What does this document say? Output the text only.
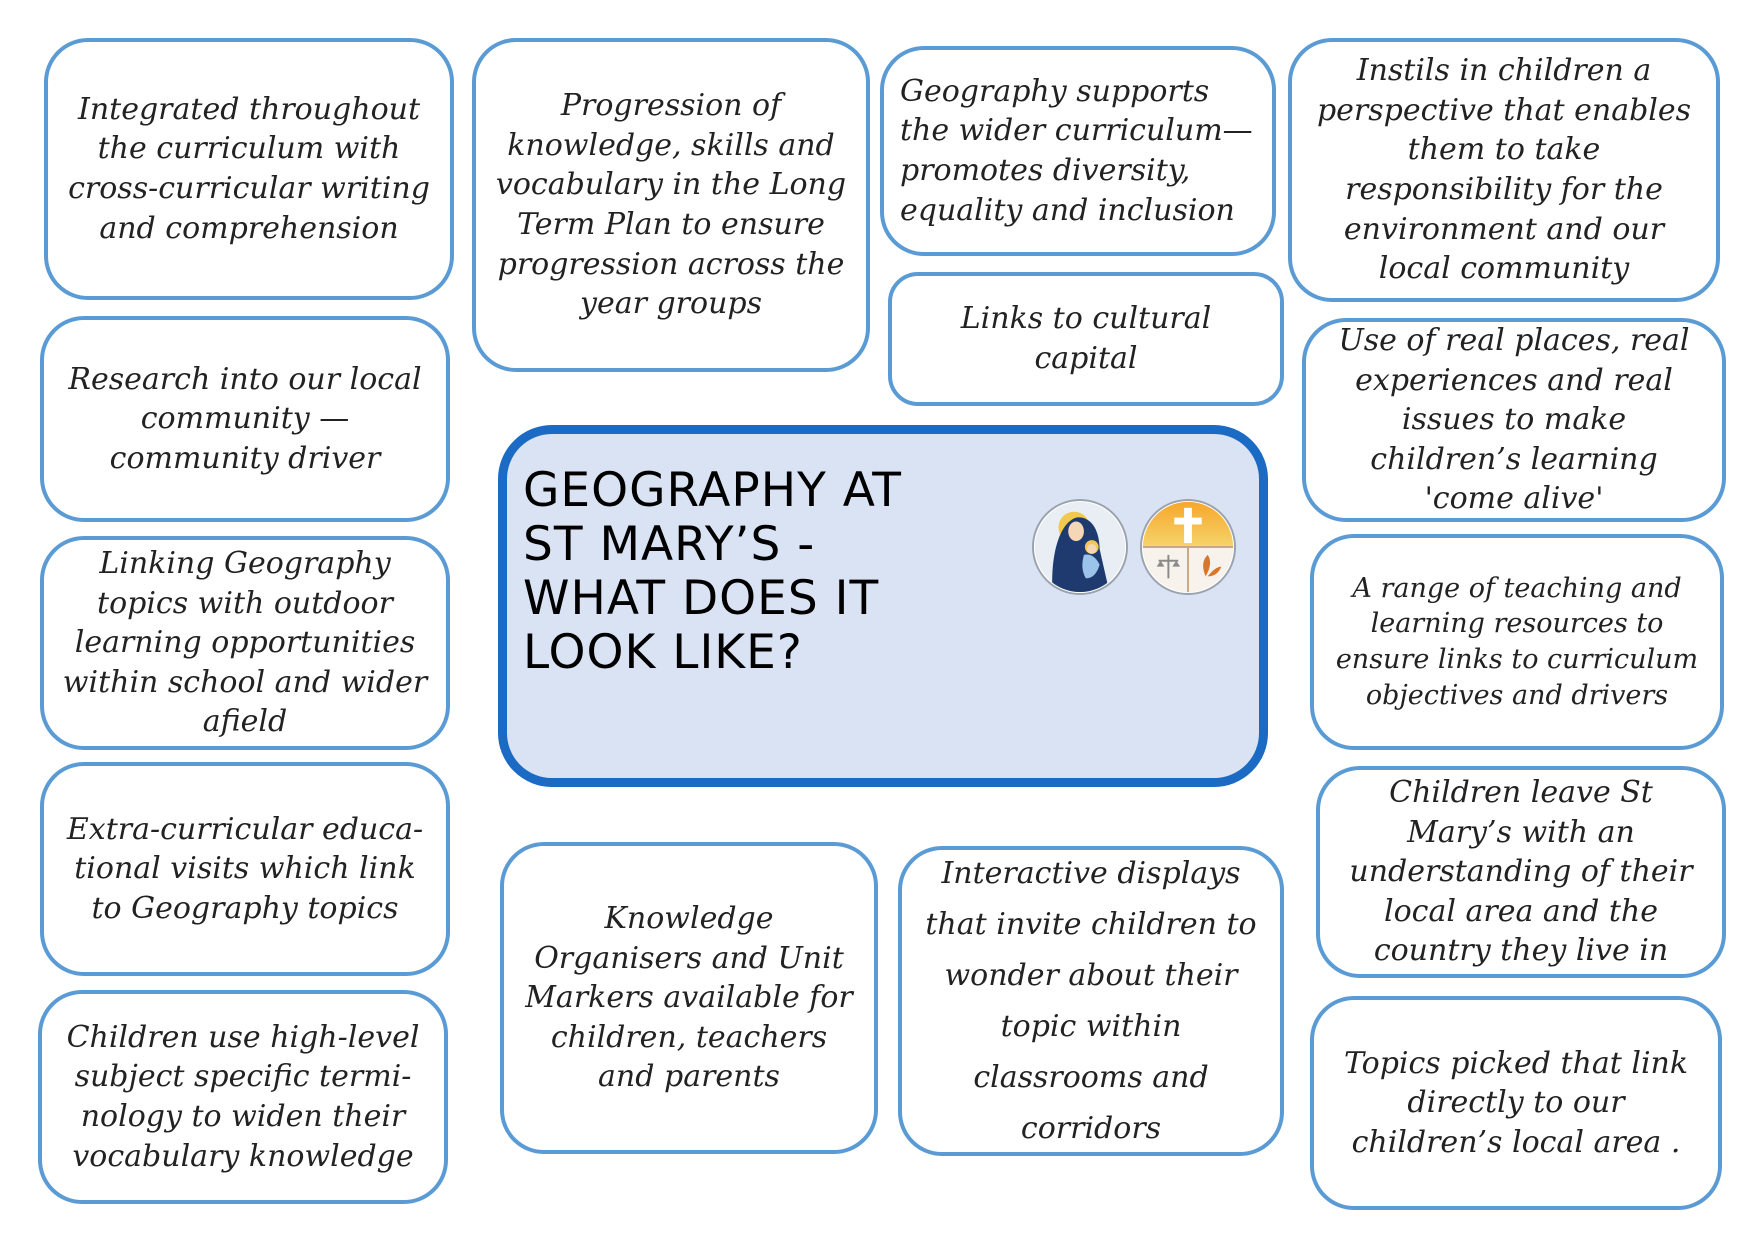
Integrated throughout the curriculum with cross-curricular writing and comprehension

Research into our local community — community driver

Linking Geography topics with outdoor learning opportunities within school and wider afield

Extra-curricular educa-tional visits which link to Geography topics

Children use high-level subject specific termi-nology to widen their vocabulary knowledge

Progression of knowledge, skills and vocabulary in the Long Term Plan to ensure progression across the year groups

Geography supports the wider curriculum— promotes diversity, equality and inclusion

Links to cultural capital

Instils in children a perspective that enables them to take responsibility for the environment and our local community

Use of real places, real experiences and real issues to make children’s learning 'come alive'

A range of teaching and learning resources to ensure links to curriculum objectives and drivers

Children leave St Mary’s with an understanding of their local area and the country they live in

Topics picked that link directly to our children’s local area .

Knowledge Organisers and Unit Markers available for children, teachers and parents

Interactive displays that invite children to wonder about their topic within classrooms and corridors

GEOGRAPHY AT
ST MARY’S -
WHAT DOES IT
LOOK LIKE?
